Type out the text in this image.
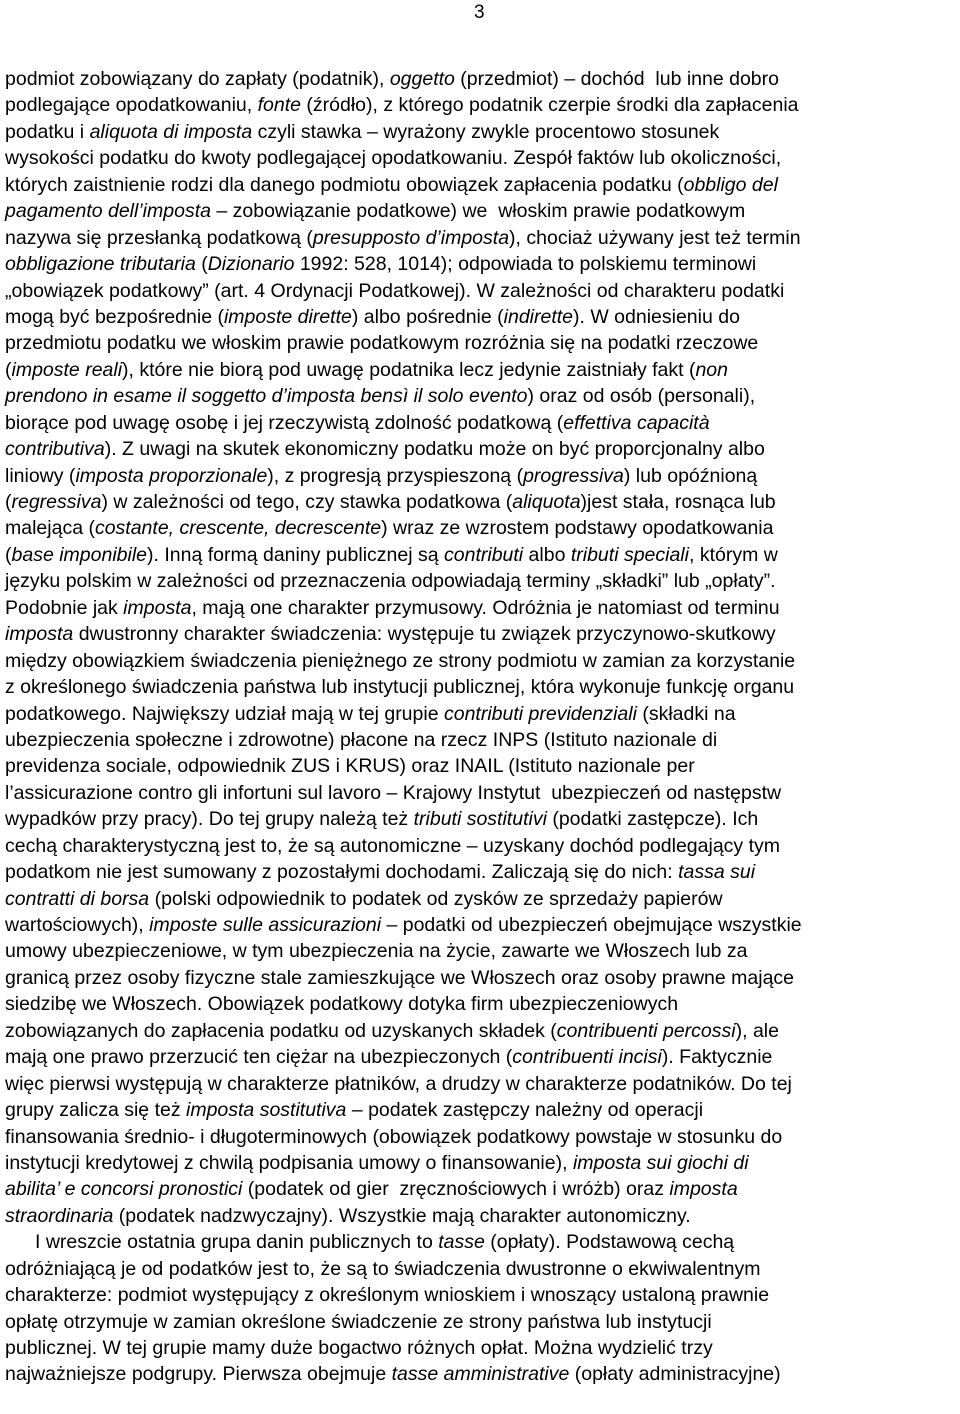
3
podmiot zobowiązany do zapłaty (podatnik), oggetto (przedmiot) – dochód  lub inne dobro
podlegające opodatkowaniu, fonte (źródło), z którego podatnik czerpie środki dla zapłacenia
podatku i aliquota di imposta czyli stawka – wyrażony zwykle procentowo stosunek
wysokości podatku do kwoty podlegającej opodatkowaniu. Zespół faktów lub okoliczności,
których zaistnienie rodzi dla danego podmiotu obowiązek zapłacenia podatku (obbligo del
pagamento dell’imposta – zobowiązanie podatkowe) we  włoskim prawie podatkowym
nazywa się przesłanką podatkową (presupposto d’imposta), chociaż używany jest też termin
obbligazione tributaria (Dizionario 1992: 528, 1014); odpowiada to polskiemu terminowi
„obowiązek podatkowy” (art. 4 Ordynacji Podatkowej). W zależności od charakteru podatki
mogą być bezpośrednie (imposte dirette) albo pośrednie (indirette). W odniesieniu do
przedmiotu podatku we włoskim prawie podatkowym rozróżnia się na podatki rzeczowe
(imposte reali), które nie biorą pod uwagę podatnika lecz jedynie zaistniały fakt (non
prendono in esame il soggetto d’imposta bensì il solo evento) oraz od osób (personali),
biorące pod uwagę osobę i jej rzeczywistą zdolność podatkową (effettiva capacità
contributiva). Z uwagi na skutek ekonomiczny podatku może on być proporcjonalny albo
liniowy (imposta proporzionale), z progresją przyspieszoną (progressiva) lub opóźnioną
(regressiva) w zależności od tego, czy stawka podatkowa (aliquota)jest stała, rosnąca lub
malejąca (costante, crescente, decrescente) wraz ze wzrostem podstawy opodatkowania
(base imponibile). Inną formą daniny publicznej są contributi albo tributi speciali, którym w
języku polskim w zależności od przeznaczenia odpowiadają terminy „składki” lub „opłaty”.
Podobnie jak imposta, mają one charakter przymusowy. Odróżnia je natomiast od terminu
imposta dwustronny charakter świadczenia: występuje tu związek przyczynowo-skutkowy
między obowiązkiem świadczenia pieniężnego ze strony podmiotu w zamian za korzystanie
z określonego świadczenia państwa lub instytucji publicznej, która wykonuje funkcję organu
podatkowego. Największy udział mają w tej grupie contributi previdenziali (składki na
ubezpieczenia społeczne i zdrowotne) płacone na rzecz INPS (Istituto nazionale di
previdenza sociale, odpowiednik ZUS i KRUS) oraz INAIL (Istituto nazionale per
l’assicurazione contro gli infortuni sul lavoro – Krajowy Instytut  ubezpieczeń od następstw
wypadków przy pracy). Do tej grupy należą też tributi sostitutivi (podatki zastępcze). Ich
cechą charakterystyczną jest to, że są autonomiczne – uzyskany dochód podlegający tym
podatkom nie jest sumowany z pozostałymi dochodami. Zaliczają się do nich: tassa sui
contratti di borsa (polski odpowiednik to podatek od zysków ze sprzedaży papierów
wartościowych), imposte sulle assicurazioni – podatki od ubezpieczeń obejmujące wszystkie
umowy ubezpieczeniowe, w tym ubezpieczenia na życie, zawarte we Włoszech lub za
granicą przez osoby fizyczne stale zamieszkujące we Włoszech oraz osoby prawne mające
siedzibę we Włoszech. Obowiązek podatkowy dotyka firm ubezpieczeniowych
zobowiązanych do zapłacenia podatku od uzyskanych składek (contribuenti percossi), ale
mają one prawo przerzucić ten ciężar na ubezpieczonych (contribuenti incisi). Faktycznie
więc pierwsi występują w charakterze płatników, a drudzy w charakterze podatników. Do tej
grupy zalicza się też imposta sostitutiva – podatek zastępczy należny od operacji
finansowania średnio- i długoterminowych (obowiązek podatkowy powstaje w stosunku do
instytucji kredytowej z chwilą podpisania umowy o finansowanie), imposta sui giochi di
abilita’ e concorsi pronostici (podatek od gier  zręcznościowych i wróżb) oraz imposta
straordinaria (podatek nadzwyczajny). Wszystkie mają charakter autonomiczny.
I wreszcie ostatnia grupa danin publicznych to tasse (opłaty). Podstawową cechą
odróżniającą je od podatków jest to, że są to świadczenia dwustronne o ekwiwalentnym
charakterze: podmiot występujący z określonym wnioskiem i wnoszący ustaloną prawnie
opłatę otrzymuje w zamian określone świadczenie ze strony państwa lub instytucji
publicznej. W tej grupie mamy duże bogactwo różnych opłat. Można wydzielić trzy
najważniejsze podgrupy. Pierwsza obejmuje tasse amministrative (opłaty administracyjne)
